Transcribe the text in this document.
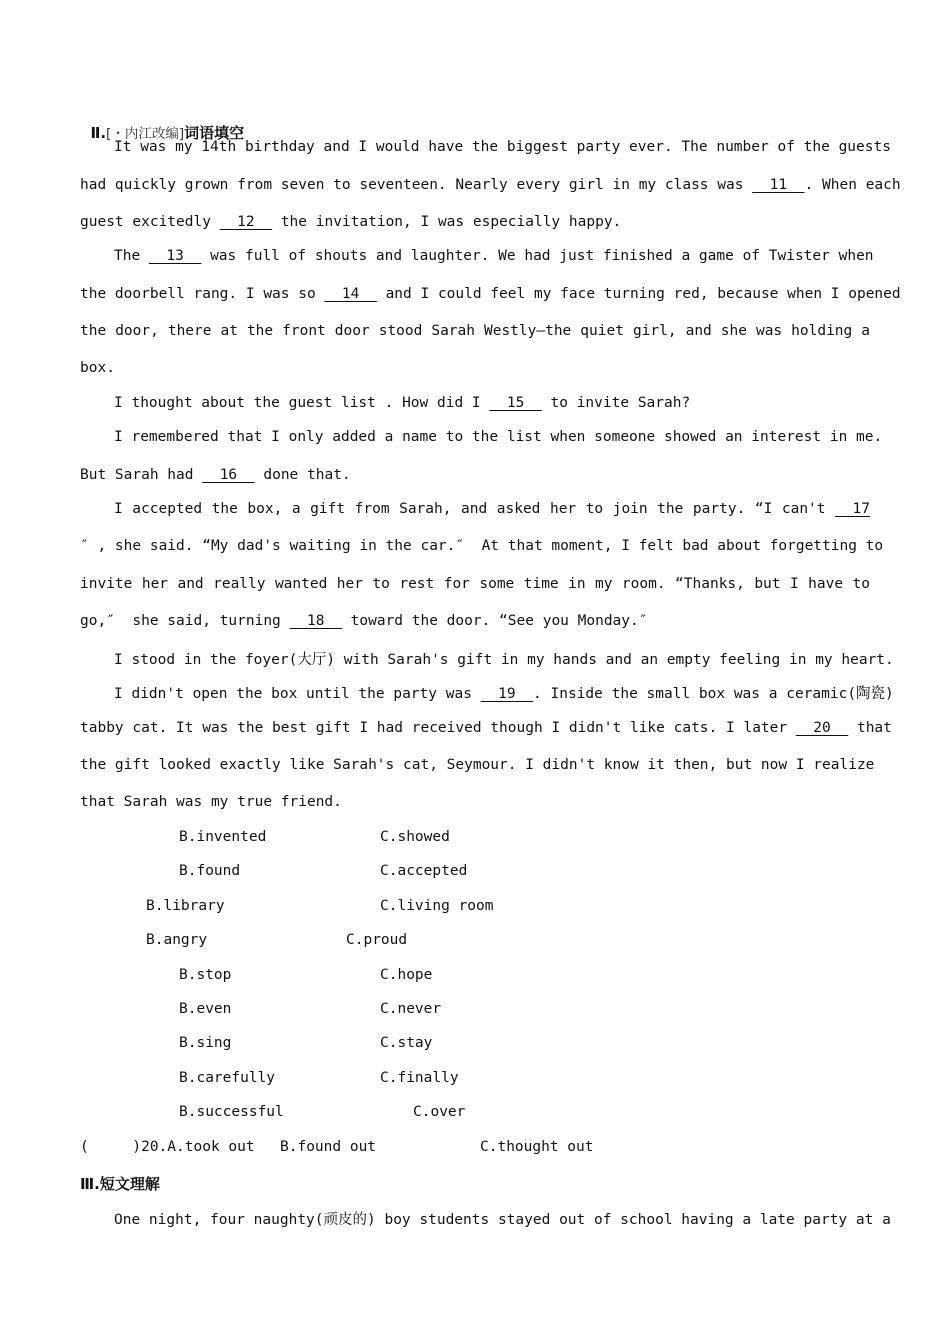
Ⅱ.[・内江改编]词语填空

It was my 14th birthday and I would have the biggest party ever. The number of the guests
had quickly grown from seven to seventeen. Nearly every girl in my class was   11  . When each
guest excitedly   12   the invitation, I was especially happy.
The   13   was full of shouts and laughter. We had just finished a game of Twister when
the doorbell rang. I was so   14   and I could feel my face turning red, because when I opened
the door, there at the front door stood Sarah Westly—the quiet girl, and she was holding a
box.
I thought about the guest list . How did I   15   to invite Sarah?
I remembered that I only added a name to the list when someone showed an interest in me.
But Sarah had   16   done that.
I accepted the box, a gift from Sarah, and asked her to join the party. “I can't   17
″ , she said. “My dad's waiting in the car.″  At that moment, I felt bad about forgetting to
invite her and really wanted her to rest for some time in my room. “Thanks, but I have to
go,″  she said, turning   18   toward the door. “See you Monday.″
I stood in the foyer(大厅) with Sarah's gift in my hands and an empty feeling in my heart.
I didn't open the box until the party was   19  . Inside the small box was a ceramic(陶瓷)
tabby cat. It was the best gift I had received though I didn't like cats. I later   20   that
the gift looked exactly like Sarah's cat, Seymour. I didn't know it then, but now I realize
that Sarah was my true friend.
B.invented	C.showed
B.found	C.accepted
B.library	C.living room
B.angry	C.proud
B.stop	C.hope
B.even	C.never
B.sing	C.stay
B.carefully	C.finally
B.successful	C.over
(     )20.A.took out B.found out	C.thought out
Ⅲ.短文理解
One night, four naughty(顽皮的) boy students stayed out of school having a late party at a
